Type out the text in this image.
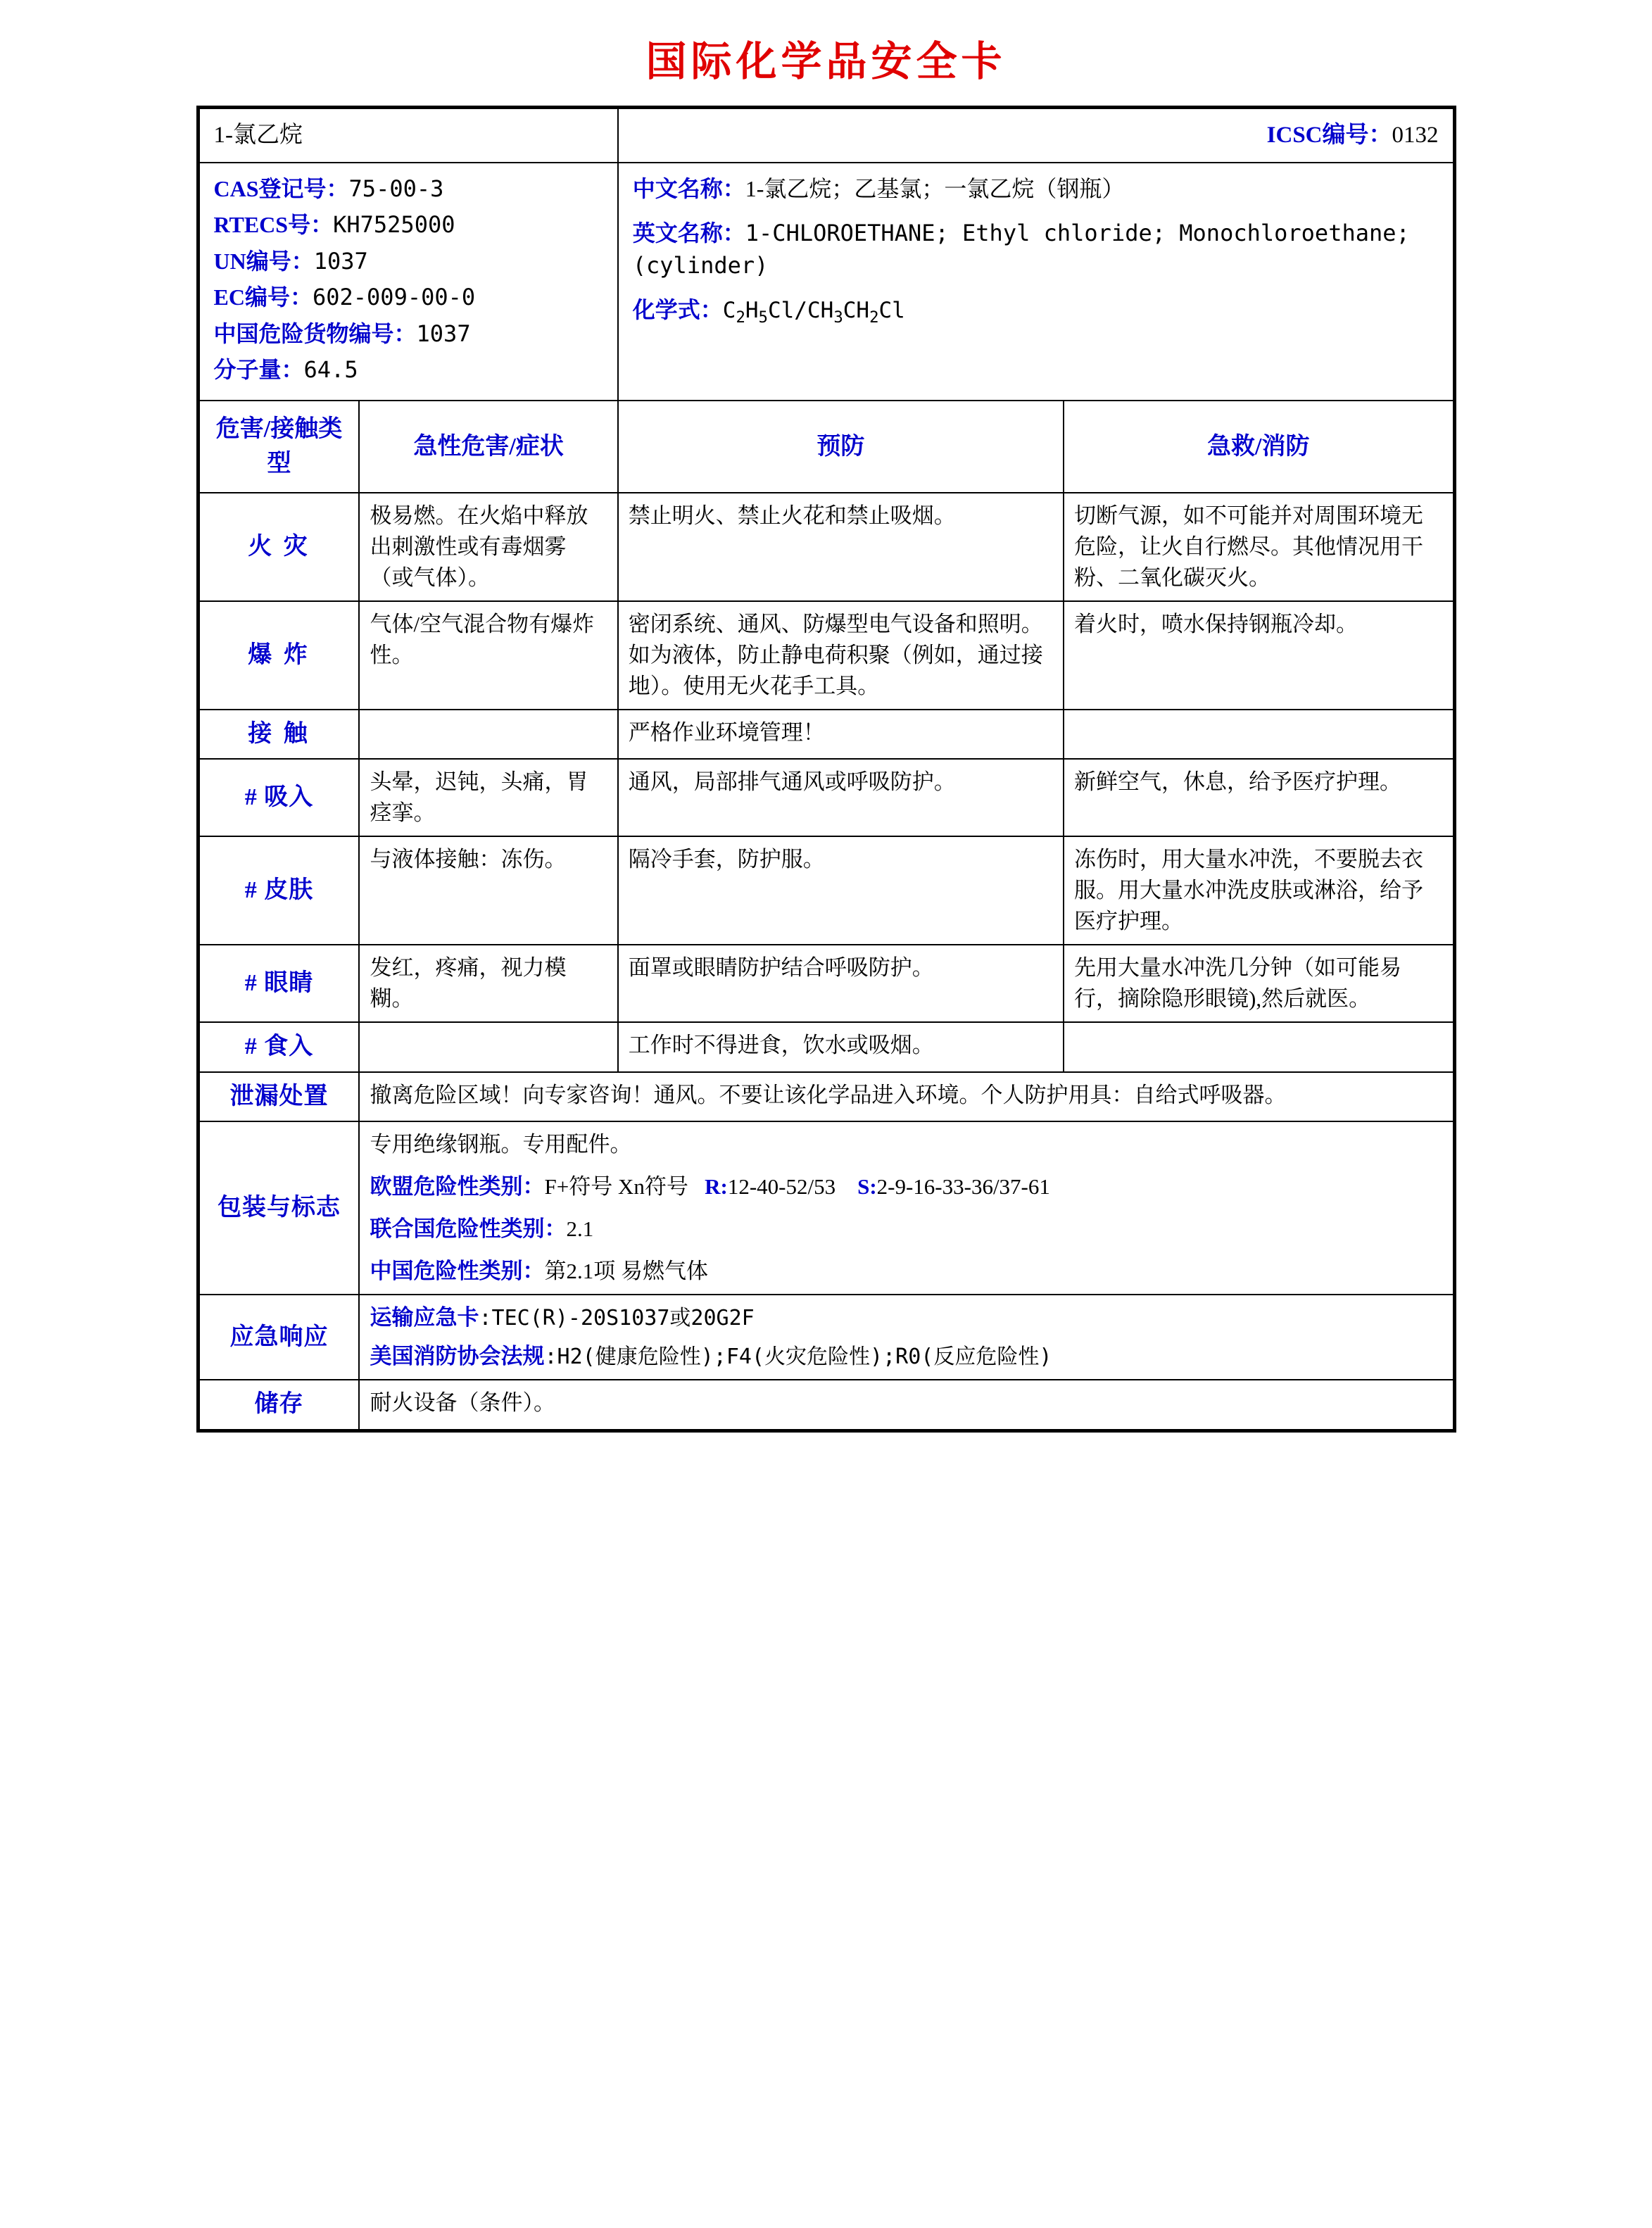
国际化学品安全卡
1-氯乙烷		ICSC编号：0132	

CAS登记号：75-00-3

RTECS号：KH7525000

UN编号：1037

EC编号：602-009-00-0

中国危险货物编号：1037

分子量：64.5

中文名称：1-氯乙烷；乙基氯；一氯乙烷（钢瓶）

英文名称：1-CHLOROETHANE; Ethyl chloride; Monochloroethane; (cylinder)

化学式：$C_2H_5Cl/CH_3CH_2Cl$

危害/接触类型	急性危害/症状	预防	急救/消防
火 灾	极易燃。在火焰中释放出刺激性或有毒烟雾（或气体）。	禁止明火、禁止火花和禁止吸烟。	切断气源，如不可能并对周围环境无危险，让火自行燃尽。其他情况用干粉、二氧化碳灭火。
爆 炸	气体/空气混合物有爆炸性。	密闭系统、通风、防爆型电气设备和照明。如为液体，防止静电荷积聚（例如，通过接地）。使用无火花手工具。	着火时，喷水保持钢瓶冷却。
接 触		严格作业环境管理！	
# 吸入	头晕，迟钝，头痛，胃痉挛。	通风，局部排气通风或呼吸防护。	新鲜空气，休息，给予医疗护理。
# 皮肤	与液体接触：冻伤。	隔冷手套，防护服。	冻伤时，用大量水冲洗，不要脱去衣服。用大量水冲洗皮肤或淋浴，给予医疗护理。
# 眼睛	发红，疼痛，视力模糊。	面罩或眼睛防护结合呼吸防护。	先用大量水冲洗几分钟（如可能易行，摘除隐形眼镜),然后就医。
# 食入		工作时不得进食，饮水或吸烟。	
泄漏处置	撤离危险区域！向专家咨询！通风。不要让该化学品进入环境。个人防护用具：自给式呼吸器。		
包装与标志	专用绝缘钢瓶。专用配件。

欧盟危险性类别：F+符号 Xn符号 R:12-40-52/53 S:2-9-16-33-36/37-61

联合国危险性类别：2.1

中国危险性类别：第2.1项 易燃气体		

应急响应	运输应急卡:TEC(R)-20S1037或20G2F

美国消防协会法规:H2(健康危险性);F4(火灾危险性);R0(反应危险性)		

储存	耐火设备（条件）。		
